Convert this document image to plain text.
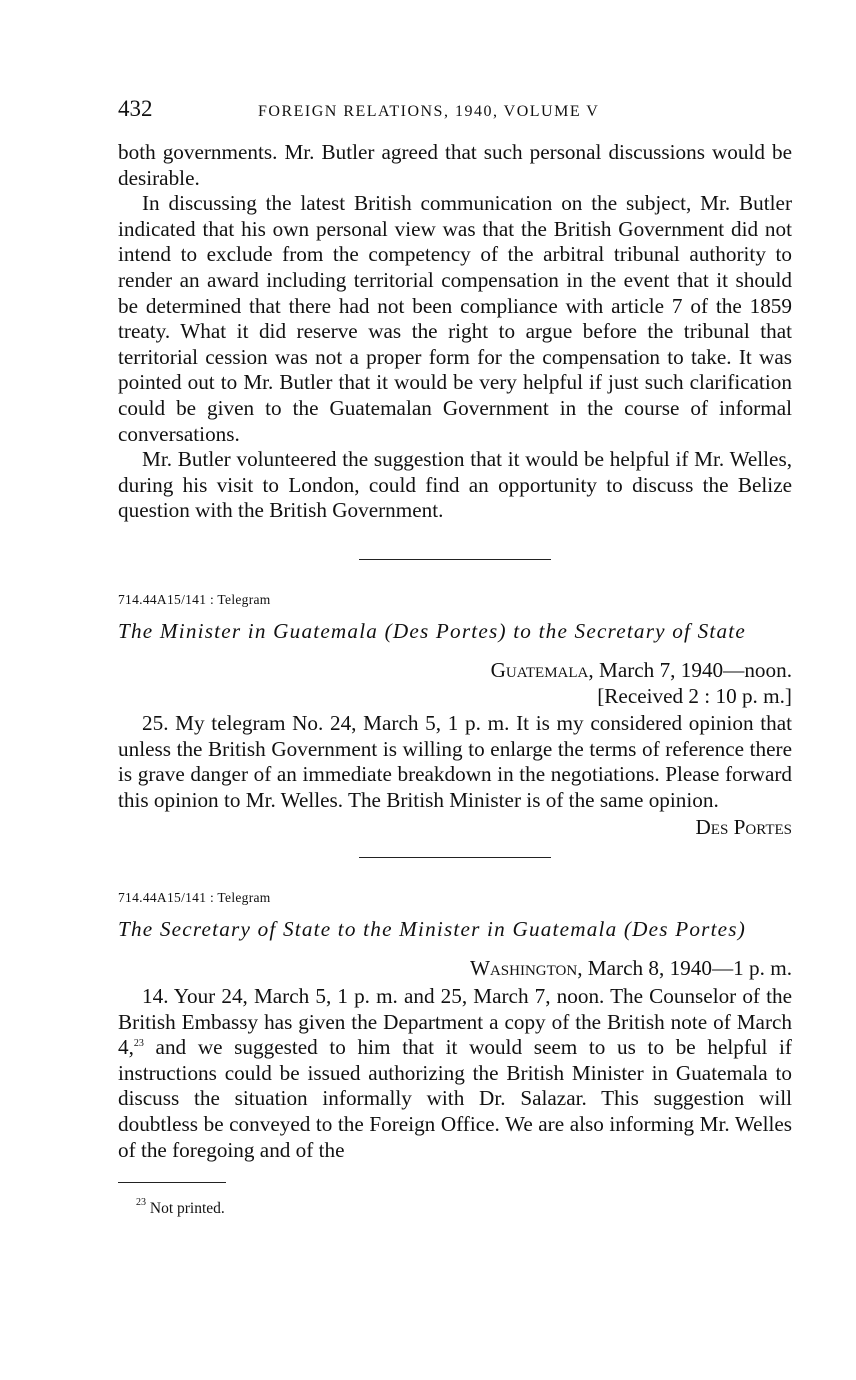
432	FOREIGN RELATIONS, 1940, VOLUME V

both governments. Mr. Butler agreed that such personal discussions would be desirable.

In discussing the latest British communication on the subject, Mr. Butler indicated that his own personal view was that the British Government did not intend to exclude from the competency of the arbitral tribunal authority to render an award including territorial compensation in the event that it should be determined that there had not been compliance with article 7 of the 1859 treaty. What it did reserve was the right to argue before the tribunal that territorial cession was not a proper form for the compensation to take. It was pointed out to Mr. Butler that it would be very helpful if just such clarification could be given to the Guatemalan Government in the course of informal conversations.

Mr. Butler volunteered the suggestion that it would be helpful if Mr. Welles, during his visit to London, could find an opportunity to discuss the Belize question with the British Government.

714.44A15/141 : Telegram

The Minister in Guatemala (Des Portes) to the Secretary of State

Guatemala, March 7, 1940—noon.
[Received 2 : 10 p. m.]

25. My telegram No. 24, March 5, 1 p. m. It is my considered opinion that unless the British Government is willing to enlarge the terms of reference there is grave danger of an immediate breakdown in the negotiations. Please forward this opinion to Mr. Welles. The British Minister is of the same opinion.

Des Portes

714.44A15/141 : Telegram

The Secretary of State to the Minister in Guatemala (Des Portes)

Washington, March 8, 1940—1 p. m.

14. Your 24, March 5, 1 p. m. and 25, March 7, noon. The Counselor of the British Embassy has given the Department a copy of the British note of March 4,23 and we suggested to him that it would seem to us to be helpful if instructions could be issued authorizing the British Minister in Guatemala to discuss the situation informally with Dr. Salazar. This suggestion will doubtless be conveyed to the Foreign Office. We are also informing Mr. Welles of the foregoing and of the

$^{23}$ Not printed.
